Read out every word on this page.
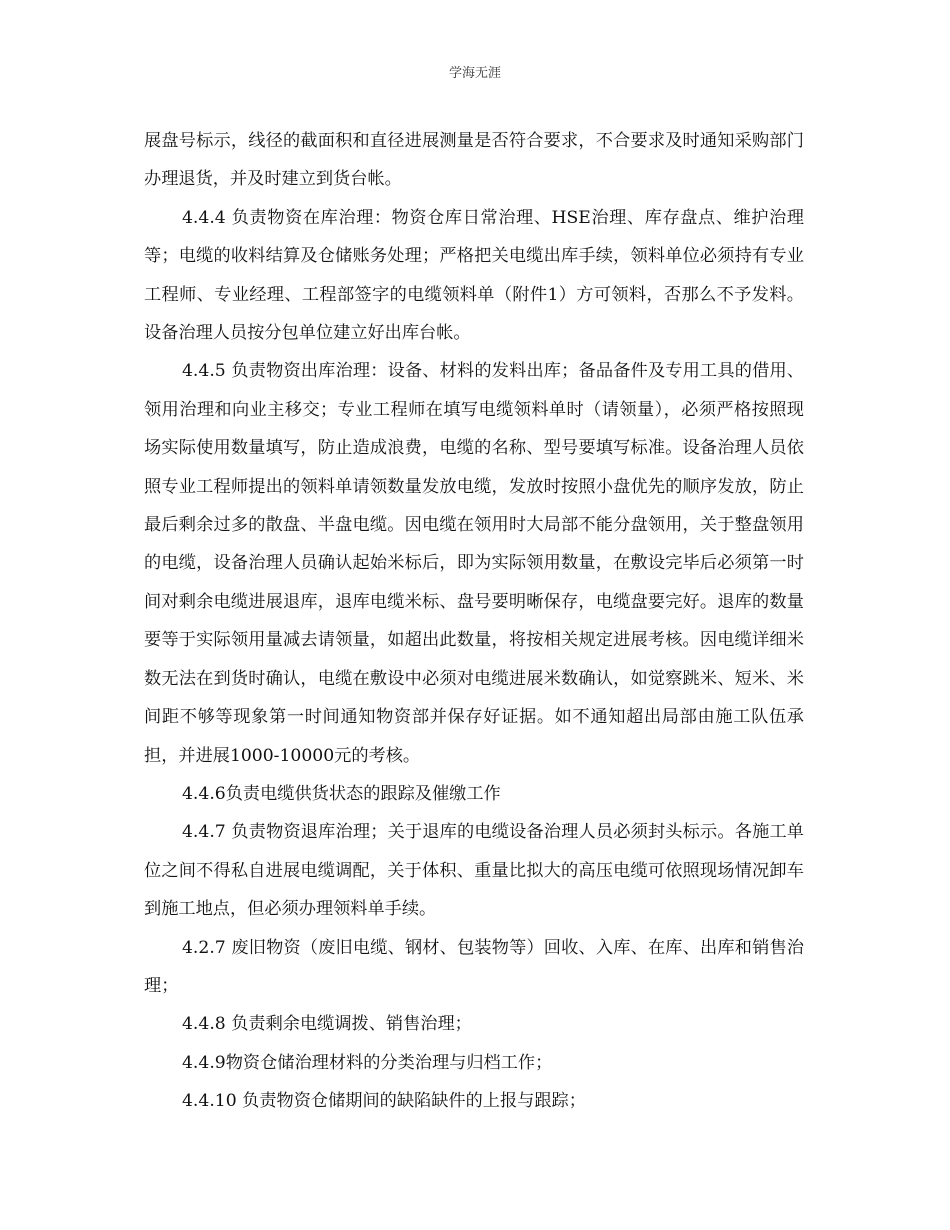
学海无涯

展盘号标示，线径的截面积和直径进展测量是否符合要求，不合要求及时通知采购部门办理退货，并及时建立到货台帐。

4.4.4 负责物资在库治理：物资仓库日常治理、HSE治理、库存盘点、维护治理等；电缆的收料结算及仓储账务处理；严格把关电缆出库手续，领料单位必须持有专业工程师、专业经理、工程部签字的电缆领料单（附件1）方可领料，否那么不予发料。设备治理人员按分包单位建立好出库台帐。

4.4.5 负责物资出库治理：设备、材料的发料出库；备品备件及专用工具的借用、领用治理和向业主移交；专业工程师在填写电缆领料单时（请领量），必须严格按照现场实际使用数量填写，防止造成浪费，电缆的名称、型号要填写标准。设备治理人员依照专业工程师提出的领料单请领数量发放电缆，发放时按照小盘优先的顺序发放，防止最后剩余过多的散盘、半盘电缆。因电缆在领用时大局部不能分盘领用，关于整盘领用的电缆，设备治理人员确认起始米标后，即为实际领用数量，在敷设完毕后必须第一时间对剩余电缆进展退库，退库电缆米标、盘号要明晰保存，电缆盘要完好。退库的数量要等于实际领用量减去请领量，如超出此数量，将按相关规定进展考核。因电缆详细米数无法在到货时确认，电缆在敷设中必须对电缆进展米数确认，如觉察跳米、短米、米间距不够等现象第一时间通知物资部并保存好证据。如不通知超出局部由施工队伍承担，并进展1000-10000元的考核。

4.4.6负责电缆供货状态的跟踪及催缴工作

4.4.7 负责物资退库治理；关于退库的电缆设备治理人员必须封头标示。各施工单位之间不得私自进展电缆调配，关于体积、重量比拟大的高压电缆可依照现场情况卸车到施工地点，但必须办理领料单手续。

4.2.7 废旧物资（废旧电缆、钢材、包装物等）回收、入库、在库、出库和销售治理；

4.4.8 负责剩余电缆调拨、销售治理；

4.4.9物资仓储治理材料的分类治理与归档工作；

4.4.10 负责物资仓储期间的缺陷缺件的上报与跟踪；
